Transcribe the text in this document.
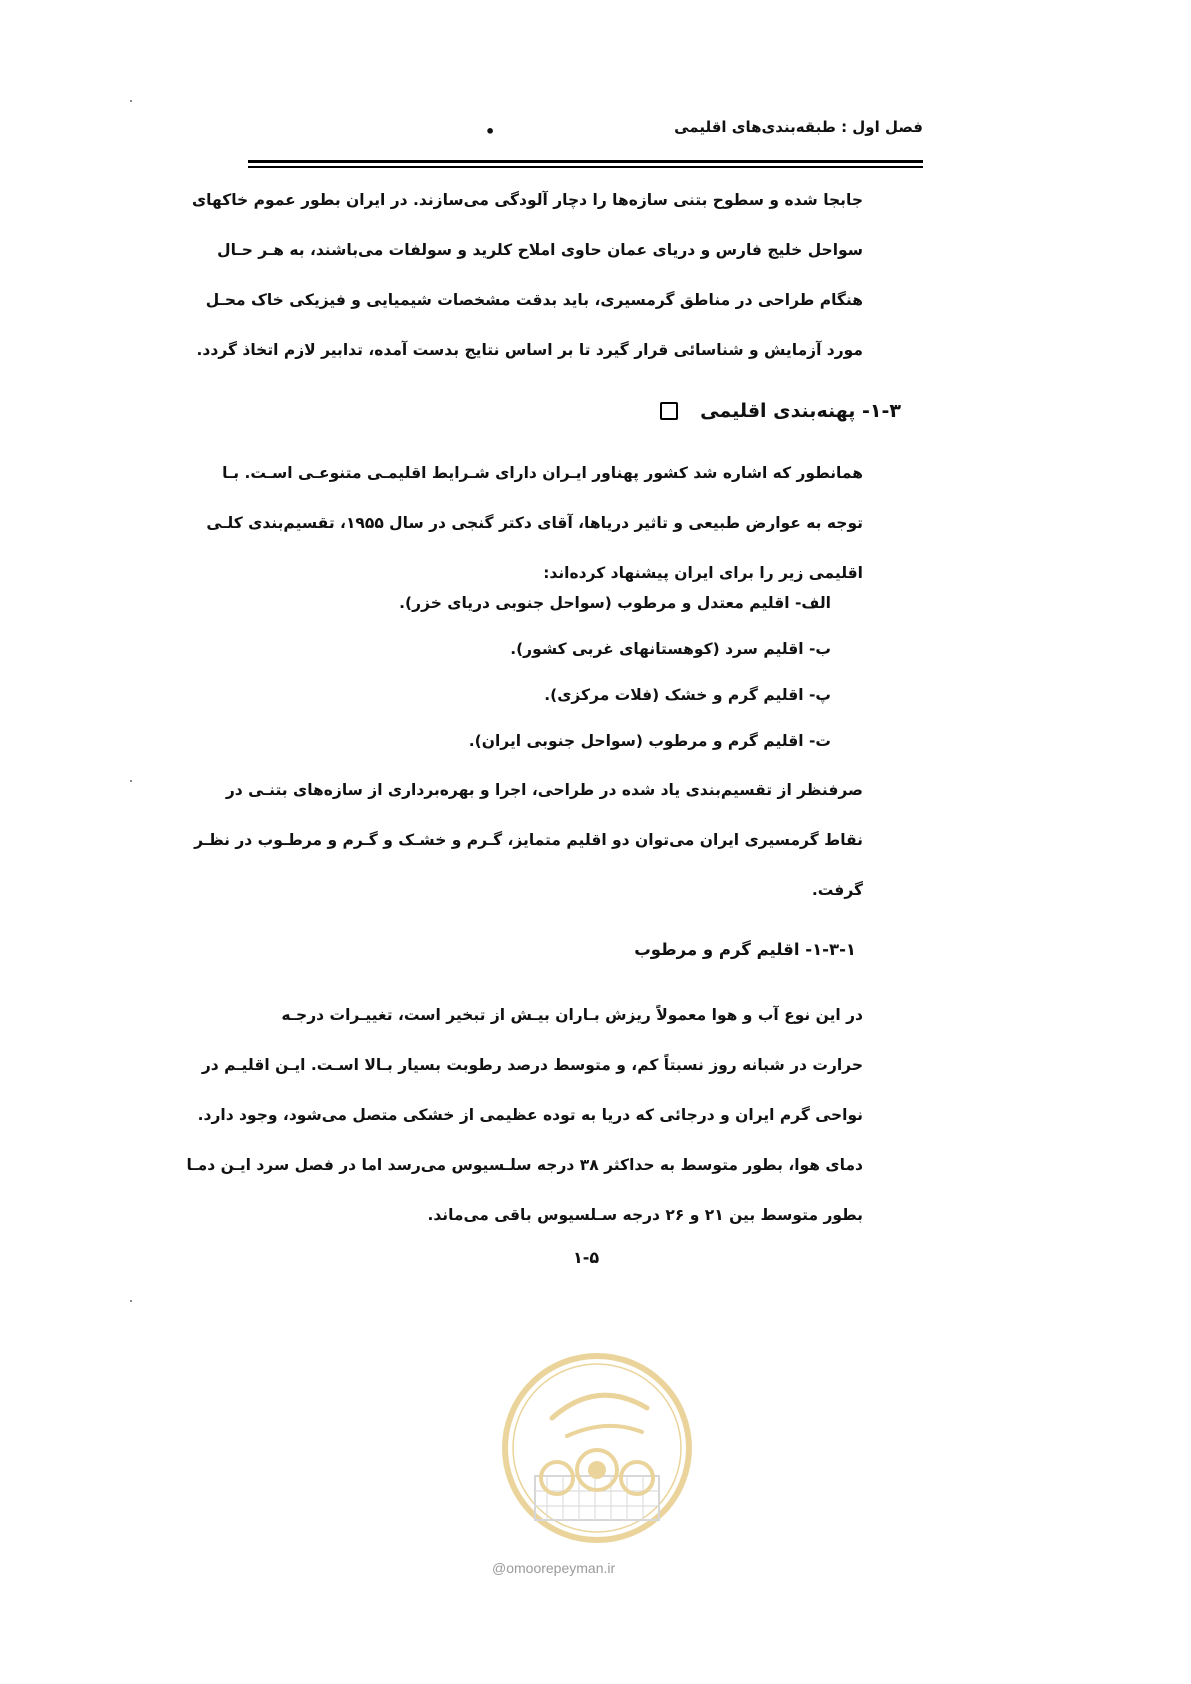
فصل اول : طبقه‌بندی‌های اقلیمی
•
جابجا شده و سطوح بتنی سازه‌ها را دچار آلودگی می‌سازند. در ایران بطور عموم خاکهای
سواحل خلیج فارس و دریای عمان حاوی املاح کلرید و سولفات می‌باشند، به هـر حـال
هنگام طراحی در مناطق گرمسیری، باید بدقت مشخصات شیمیایی و فیزیکی خاک محـل
مورد آزمایش و شناسائی قرار گیرد تا بر اساس نتایج بدست آمده، تدابیر لازم اتخاذ گردد.
۱-۳- پهنه‌بندی اقلیمی
همانطور که اشاره شد کشور پهناور ایـران دارای شـرایط اقلیمـی متنوعـی اسـت. بـا
توجه به عوارض طبیعی و تاثیر دریاها، آقای دکتر گنجی در سال ۱۹۵۵، تقسیم‌بندی کلـی
اقلیمی زیر را برای ایران پیشنهاد کرده‌اند:
الف- اقلیم معتدل و مرطوب (سواحل جنوبی دریای خزر).
ب- اقلیم سرد (کوهستانهای غربی کشور).
پ- اقلیم گرم و خشک (فلات مرکزی).
ت- اقلیم گرم و مرطوب (سواحل جنوبی ایران).
صرفنظر از تقسیم‌بندی یاد شده در طراحی، اجرا و بهره‌برداری از سازه‌های بتنـی در
نقاط گرمسیری ایران می‌توان دو اقلیم متمایز، گـرم و خشـک و گـرم و مرطـوب در نظـر
گرفت.
۱-۳-۱- اقلیم گرم و مرطوب
در این نوع آب و هوا معمولاً ریزش بـاران بیـش از تبخیر است، تغییـرات درجـه
حرارت در شبانه روز نسبتاً کم، و متوسط درصد رطوبت بسیار بـالا اسـت. ایـن اقلیـم در
نواحی گرم ایران و درجائی که دریا به توده عظیمی از خشکی متصل می‌شود، وجود دارد.
دمای هوا، بطور متوسط به حداکثر ۳۸ درجه سلـسیوس می‌رسد اما در فصل سرد ایـن دمـا
بطور متوسط بین ۲۱ و ۲۶ درجه سـلسیوس باقی می‌ماند.
۱-۵
@omoorepeyman.ir
